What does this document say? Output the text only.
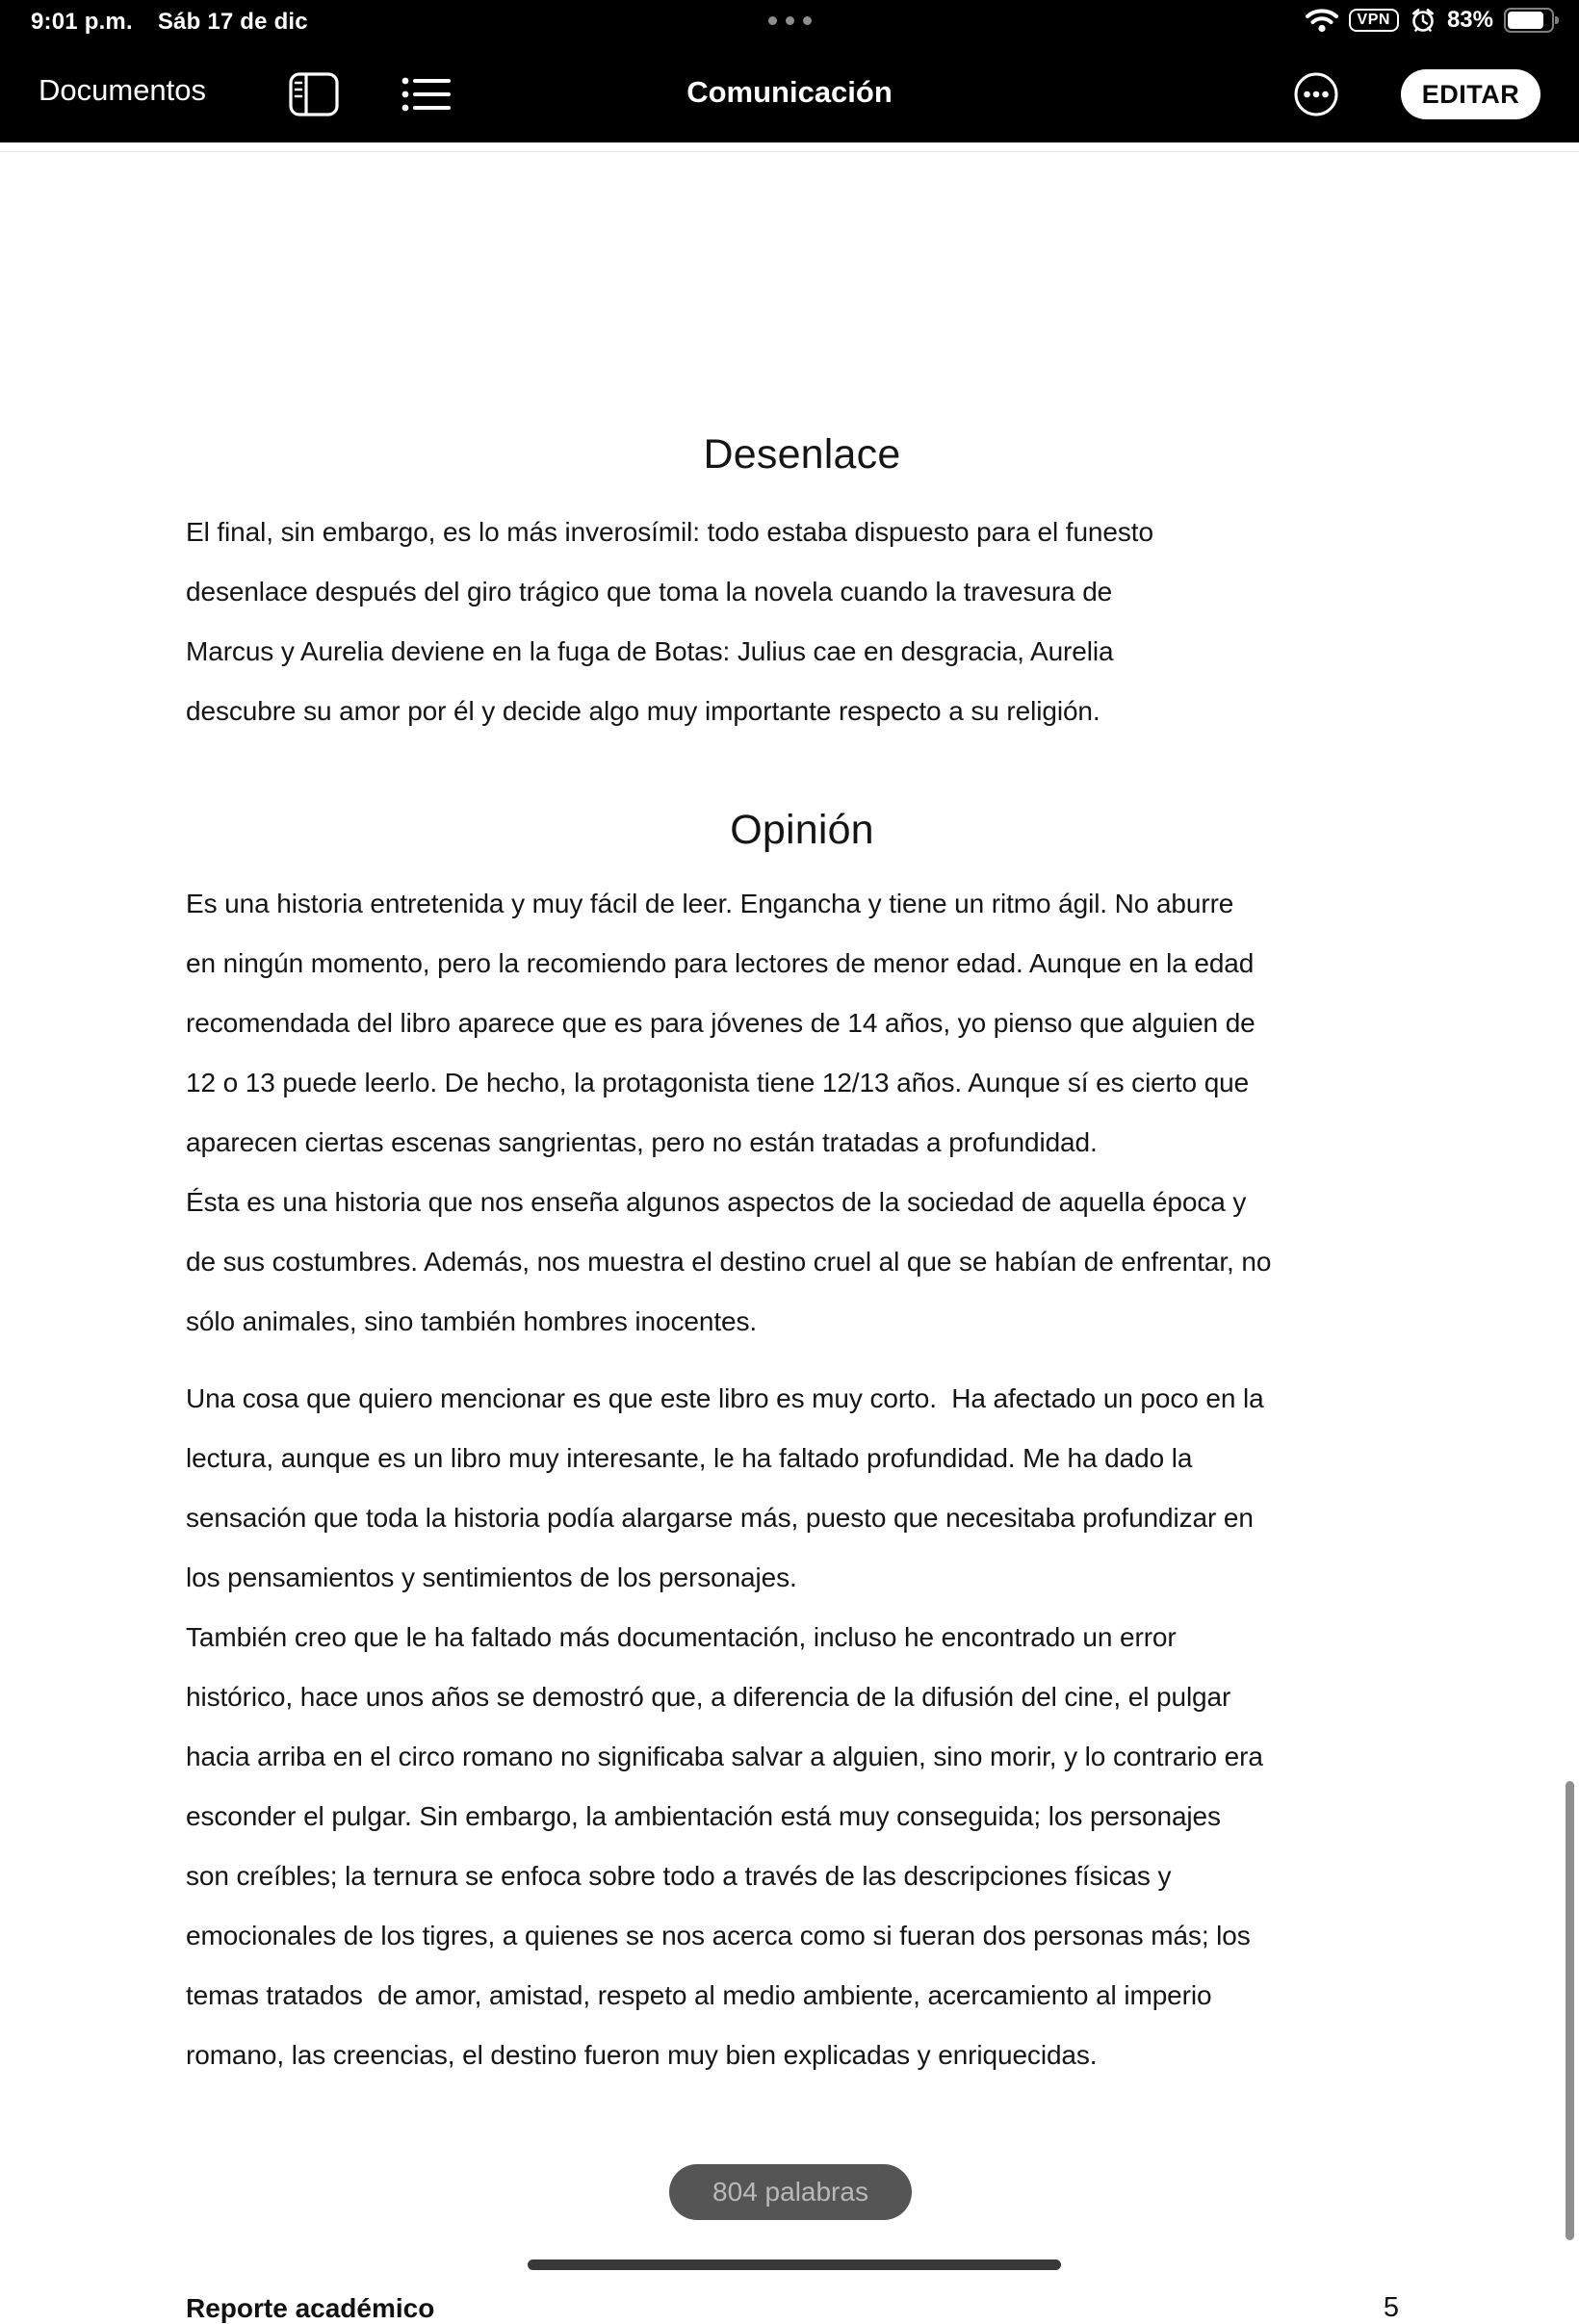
9:01 p.m. Sáb 17 de dic	VPN	83%
Documentos	Comunicación	EDITAR
Desenlace
El final, sin embargo, es lo más inverosímil: todo estaba dispuesto para el funesto
desenlace después del giro trágico que toma la novela cuando la travesura de
Marcus y Aurelia deviene en la fuga de Botas: Julius cae en desgracia, Aurelia
descubre su amor por él y decide algo muy importante respecto a su religión.
Opinión
Es una historia entretenida y muy fácil de leer. Engancha y tiene un ritmo ágil. No aburre
en ningún momento, pero la recomiendo para lectores de menor edad. Aunque en la edad
recomendada del libro aparece que es para jóvenes de 14 años, yo pienso que alguien de
12 o 13 puede leerlo. De hecho, la protagonista tiene 12/13 años. Aunque sí es cierto que
aparecen ciertas escenas sangrientas, pero no están tratadas a profundidad.
Ésta es una historia que nos enseña algunos aspectos de la sociedad de aquella época y
de sus costumbres. Además, nos muestra el destino cruel al que se habían de enfrentar, no
sólo animales, sino también hombres inocentes.
Una cosa que quiero mencionar es que este libro es muy corto.  Ha afectado un poco en la
lectura, aunque es un libro muy interesante, le ha faltado profundidad. Me ha dado la
sensación que toda la historia podía alargarse más, puesto que necesitaba profundizar en
los pensamientos y sentimientos de los personajes.
También creo que le ha faltado más documentación, incluso he encontrado un error
histórico, hace unos años se demostró que, a diferencia de la difusión del cine, el pulgar
hacia arriba en el circo romano no significaba salvar a alguien, sino morir, y lo contrario era
esconder el pulgar. Sin embargo, la ambientación está muy conseguida; los personajes
son creíbles; la ternura se enfoca sobre todo a través de las descripciones físicas y
emocionales de los tigres, a quienes se nos acerca como si fueran dos personas más; los
temas tratados  de amor, amistad, respeto al medio ambiente, acercamiento al imperio
romano, las creencias, el destino fueron muy bien explicadas y enriquecidas.
Reporte académico	5
804 palabras
